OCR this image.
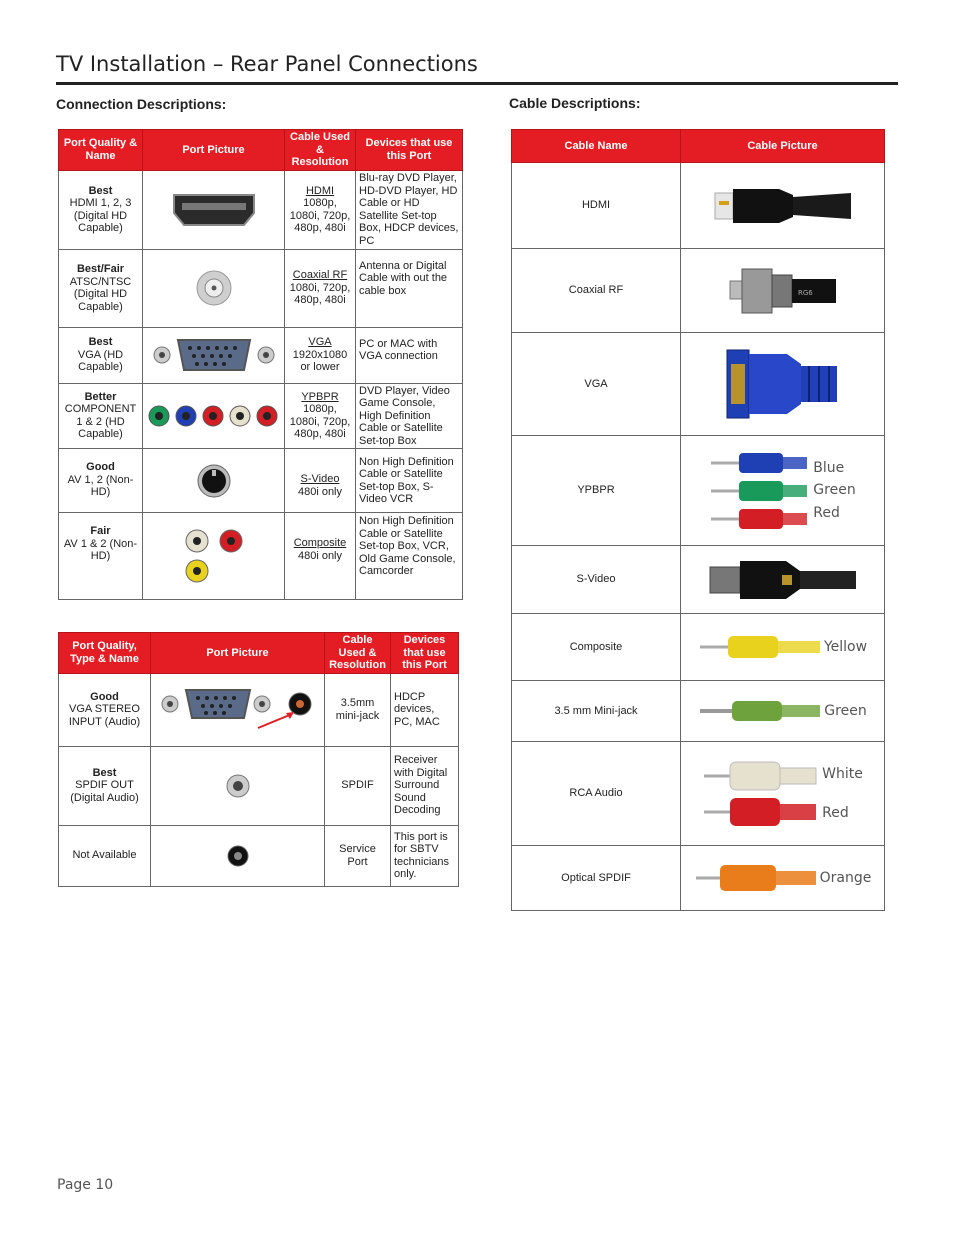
TV Installation – Rear Panel Connections
Connection Descriptions:	Cable Descriptions:
Port Quality & Name	Port Picture	Cable Used & Resolution	Devices that use this Port

Best
HDMI 1, 2, 3 (Digital HD Capable)		HDMI
1080p, 1080i, 720p, 480p, 480i	Blu-ray DVD Player, HD-DVD Player, HD Cable or HD Satellite Set-top Box, HDCP devices, PC

Best/Fair
ATSC/NTSC (Digital HD Capable)		Coaxial RF
1080i, 720p, 480p, 480i	Antenna or Digital Cable with out the cable box

Best
VGA (HD Capable)		VGA
1920x1080 or lower	PC or MAC with VGA connection

Better
COMPONENT 1 & 2 (HD Capable)		YPBPR
1080p, 1080i, 720p, 480p, 480i	DVD Player, Video Game Console, High Definition Cable or Satellite Set-top Box

Good
AV 1, 2 (Non-HD)		S-Video
480i only	Non High Definition Cable or Satellite Set-top Box, S-Video VCR

Fair
AV 1 & 2 (Non-HD)		Composite
480i only	Non High Definition Cable or Satellite Set-top Box, VCR, Old Game Console, Camcorder
Port Quality, Type & Name	Port Picture	Cable Used & Resolution	Devices that use this Port

Good
VGA STEREO INPUT (Audio)		3.5mm mini-jack	HDCP devices, PC, MAC

Best
SPDIF OUT (Digital Audio)		SPDIF	Receiver with Digital Surround Sound Decoding
Not Available		Service Port	This port is for SBTV technicians only.
Cable Name	Cable Picture
HDMI	

Coaxial RF	RG6

VGA	

YPBPR	Blue
Green
Red

S-Video	

Composite	Yellow

3.5 mm Mini-jack	Green

RCA Audio	White
Red

Optical SPDIF	Orange
Page 10
